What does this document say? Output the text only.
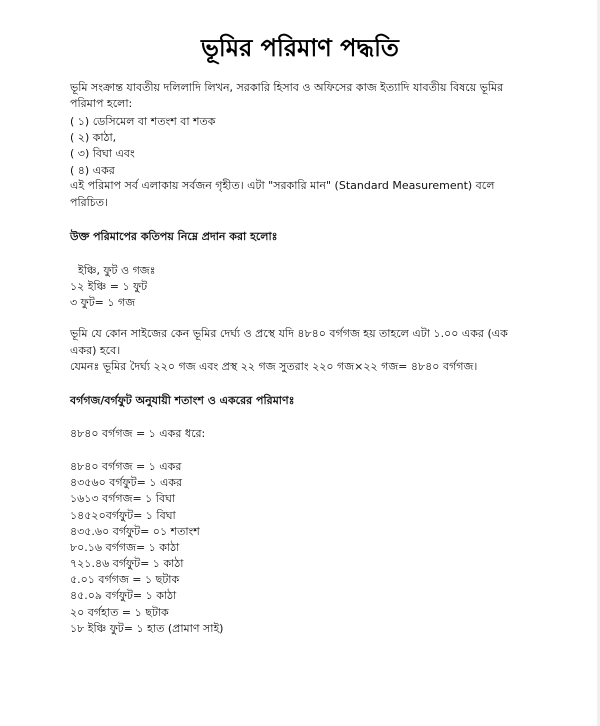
ভূমির পরিমাণ পদ্ধতি
ভূমি সংক্রান্ত যাবতীয় দলিলাদি লিখন, সরকারি হিসাব ও অফিসের কাজ ইত্যাদি যাবতীয় বিষয়ে ভূমির
পরিমাপ হলো:
( ১) ডেসিমেল বা শতংশ বা শতক
( ২) কাঠা,
( ৩) বিঘা এবং
( ৪) একর
এই পরিমাপ সর্ব এলাকায় সর্বজন গৃহীত। এটা "সরকারি মান" (Standard Measurement) বলে
পরিচিত।
উক্ত পরিমাপের কতিপয় নিম্নে প্রদান করা হলোঃ
ইঞ্চি, ফুট ও গজঃ
১২ ইঞ্চি = ১ ফুট
৩ ফুট= ১ গজ
ভূমি যে কোন সাইজের কেন ভূমির দের্ঘ্য ও প্রস্থে যদি ৪৮৪০ বর্গগজ হয় তাহলে এটা ১.০০ একর (এক
একর) হবে।
যেমনঃ ভূমির দৈর্ঘ্য ২২০ গজ এবং প্রস্থ ২২ গজ সুতরাং ২২০ গজ×২২ গজ= ৪৮৪০ বর্গগজ।
বর্গগজ/বর্গফুট অনুযায়ী শতাংশ ও একরের পরিমাণঃ
৪৮৪০ বর্গগজ = ১ একর ধরে:
৪৮৪০ বর্গগজ = ১ একর
৪৩৫৬০ বর্গফুট= ১ একর
১৬১৩ বর্গগজ= ১ বিঘা
১৪৫২০বর্গফুট= ১ বিঘা
৪৩৫.৬০ বর্গফুট= ০১ শতাংশ
৮০.১৬ বর্গগজ= ১ কাঠা
৭২১.৪৬ বর্গফুট= ১ কাঠা
৫.০১ বর্গগজ = ১ ছটাক
৪৫.০৯ বর্গফুট= ১ কাঠা
২০ বর্গহাত = ১ ছটাক
১৮ ইঞ্চি ফুট= ১ হাত (প্রামাণ সাই)
